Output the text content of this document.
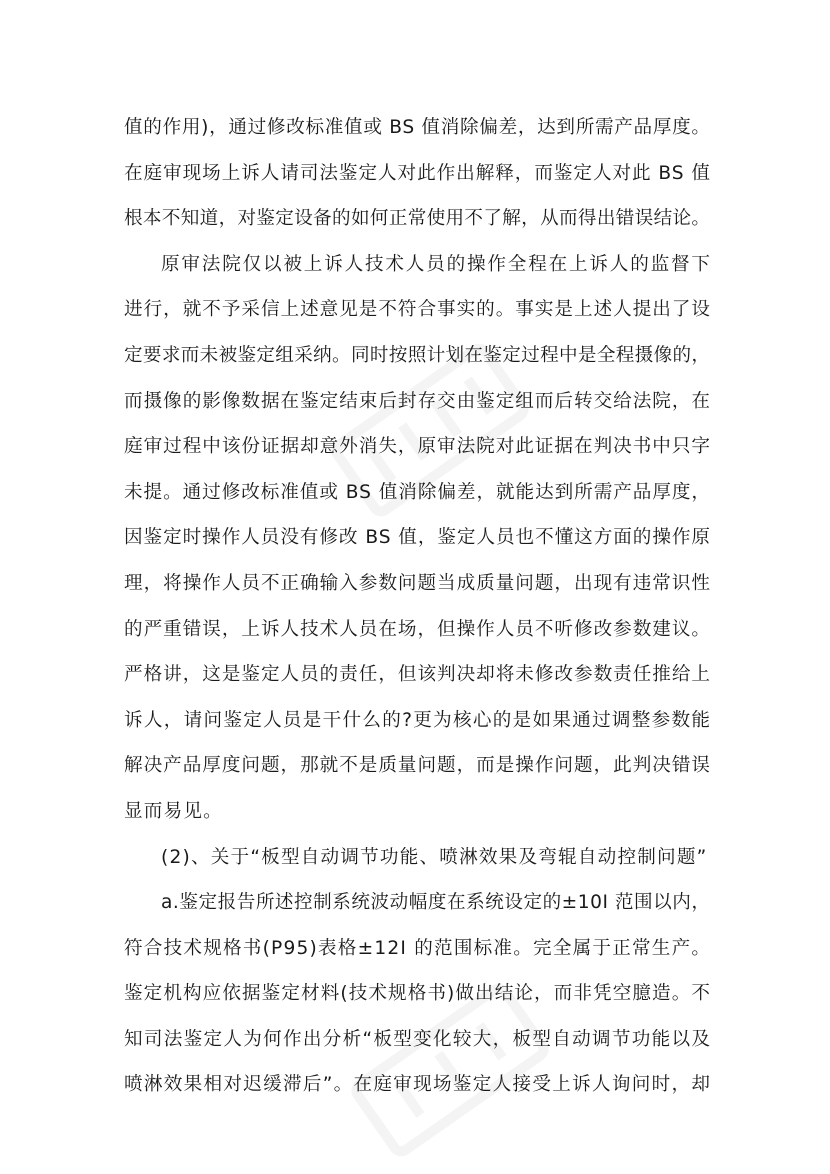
值的作用)，通过修改标准值或 BS 值消除偏差，达到所需产品厚度。
在庭审现场上诉人请司法鉴定人对此作出解释，而鉴定人对此 BS 值
根本不知道，对鉴定设备的如何正常使用不了解，从而得出错误结论。
原审法院仅以被上诉人技术人员的操作全程在上诉人的监督下
进行，就不予采信上述意见是不符合事实的。事实是上述人提出了设
定要求而未被鉴定组采纳。同时按照计划在鉴定过程中是全程摄像的，
而摄像的影像数据在鉴定结束后封存交由鉴定组而后转交给法院，在
庭审过程中该份证据却意外消失，原审法院对此证据在判决书中只字
未提。通过修改标准值或 BS 值消除偏差，就能达到所需产品厚度，
因鉴定时操作人员没有修改 BS 值，鉴定人员也不懂这方面的操作原
理，将操作人员不正确输入参数问题当成质量问题，出现有违常识性
的严重错误，上诉人技术人员在场，但操作人员不听修改参数建议。
严格讲，这是鉴定人员的责任，但该判决却将未修改参数责任推给上
诉人，请问鉴定人员是干什么的?更为核心的是如果通过调整参数能
解决产品厚度问题，那就不是质量问题，而是操作问题，此判决错误
显而易见。
(2)、关于“板型自动调节功能、喷淋效果及弯辊自动控制问题”
a.鉴定报告所述控制系统波动幅度在系统设定的±10I 范围以内，
符合技术规格书(P95)表格±12I 的范围标准。完全属于正常生产。
鉴定机构应依据鉴定材料(技术规格书)做出结论，而非凭空臆造。不
知司法鉴定人为何作出分析“板型变化较大，板型自动调节功能以及
喷淋效果相对迟缓滞后”。在庭审现场鉴定人接受上诉人询问时，却
